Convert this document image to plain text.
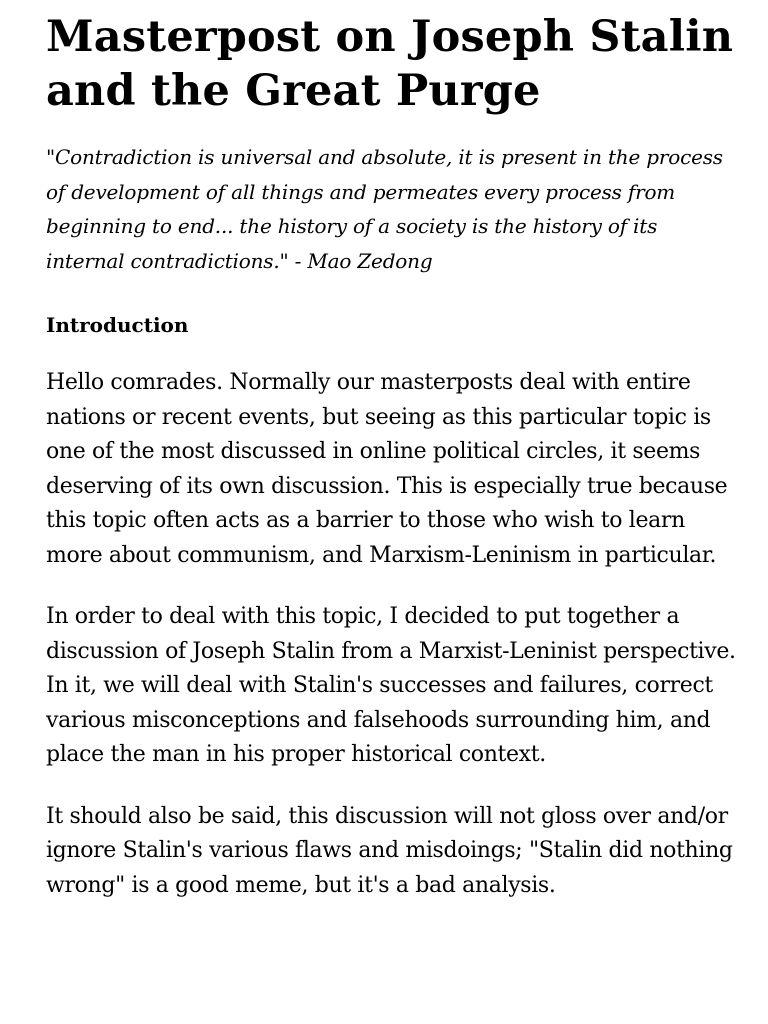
Masterpost on Joseph Stalin and the Great Purge

"Contradiction is universal and absolute, it is present in the process of development of all things and permeates every process from beginning to end... the history of a society is the history of its internal contradictions." - Mao Zedong

Introduction

Hello comrades. Normally our masterposts deal with entire nations or recent events, but seeing as this particular topic is one of the most discussed in online political circles, it seems deserving of its own discussion. This is especially true because this topic often acts as a barrier to those who wish to learn more about communism, and Marxism-Leninism in particular.

In order to deal with this topic, I decided to put together a discussion of Joseph Stalin from a Marxist-Leninist perspective. In it, we will deal with Stalin's successes and failures, correct various misconceptions and falsehoods surrounding him, and place the man in his proper historical context.

It should also be said, this discussion will not gloss over and/or ignore Stalin's various flaws and misdoings; "Stalin did nothing wrong" is a good meme, but it's a bad analysis.
